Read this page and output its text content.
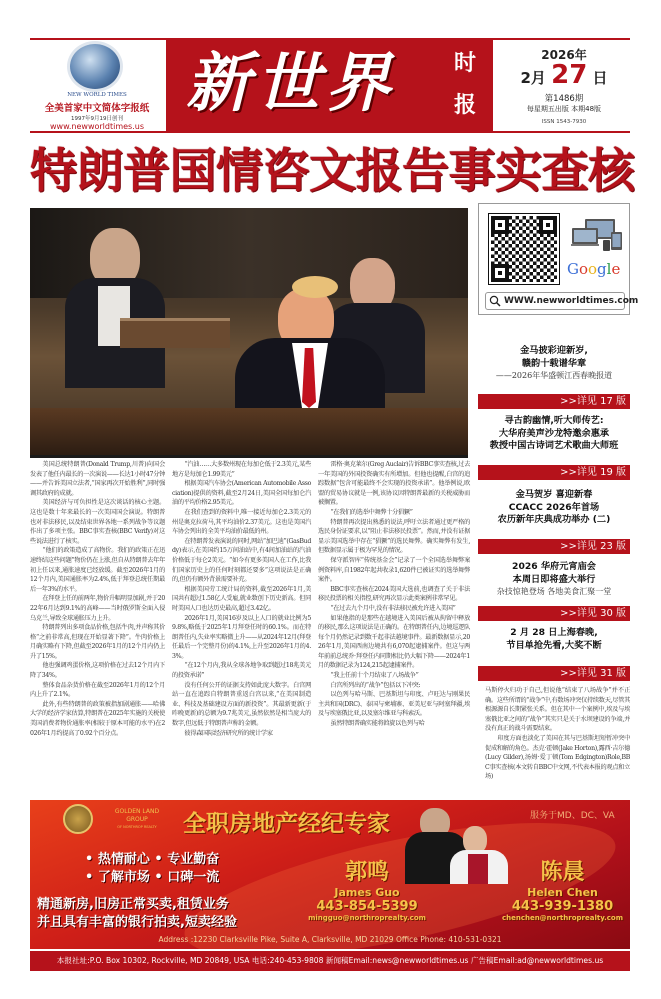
NEW WORLD TIMES
全美首家中文简体字报纸
1997年9月19日创刊
www.newworldtimes.us
新世界	时
报
2026年
2月 27 日
第1486期
每星期五出版 本期48版
ISSN 1543-7930
特朗普国情咨文报告事实查核
Google
WWW.newworldtimes.com
金马披彩迎新岁,
赣韵十载谱华章
——2026年华盛顿江西春晚报道
>>详见 17 版
寻古韵幽情,听大师传艺:
大华府美声沙龙特邀余惠承
教授中国古诗词艺术歌曲大师班
>>详见 19 版
金马贺岁 喜迎新春
CCACC 2026年首场
农历新年庆典成功举办 (二)
>>详见 23 版
2026 华府元宵庙会
本周日即将盛大举行
杂技惊艳登场 各地美食汇聚一堂
>>详见 30 版
2 月 28 日上海春晚,
节目单抢先看,大奖不断
>>详见 31 版

美国总统特朗普(Donald Trump,川普)向国会发表了他任内最长的一次演说——长达1小时47分钟——并告诉美国立法者,“国家再次开始胜利”,同时强调其政府的成就。

美国经济与可负担性是这次谈话的核心主题。这也是数十年来最长的一次美国国会演说。特朗普也对非法移民,以及结束世界各地一系列战争等议题作出了多项主张。BBC事实查核(BBC Verify)对这些说法进行了核实。

“他们的政策造成了高物价。我们的政策正在迅速终结这些问题”物价仍在上涨,但自从特朗普去年年初上任以来,通胀速度已经放缓。截至2026年1月的12个月内,美国通胀率为2.4%,低于拜登总统任期最后一年3%的水平。

在拜登上任的前两年,物价升幅明显加剧,并于2022年6月达到9.1%的高峰——当时俄罗斯全面入侵乌克兰,导致全球通胀压力上升。

特朗普列出多项食品价格,包括牛肉,并声称其价格“之前非常高,但现在开始显著下降”。牛肉价格上月确实略有下降,但截至2026年1月的12个月内仍上升了15%。

他也强调鸡蛋价格,这项价格在过去12个月内下降了34%。

整体食品杂货价格在截至2026年1月的12个月内上升了2.1%。

此外,有些特朗普的政策被指加剧通胀——哈佛大学的经济学家估算,特朗普在2025年实施的关税使美国消费者物价通胀率(相较于原本可能的水平)在2026年1月约提高了0.92个百分点。

“汽油……大多数州现在每加仑低于2.3美元,某些地方是每加仑1.99美元”

根据美国汽车协会(American Automobile Association)提供的资料,截至2月24日,美国全国每加仑汽油的平均价格2.95美元。

在我们查到的资料中,唯一接近每加仑2.3美元的州是奥克拉荷马,其平均油价2.37美元。这也是美国汽车协会列出的全美平均油价最低的州。

在特朗普发表演说的同时,网站“加巴迪”(GasBuddy)表示,在美国约15万间油站中,有4间加油站的汽油价格低于每仑2美元。“如今有更多美国人在工作,比我们国家历史上的任何时刻都还要多”这项说法是正确的,但仍有额外背景需要补充。

根据美国劳工统计局的资料,截至2026年1月,美国共有超过1.58亿人受雇,就业数创下历史新高。但同时美国人口也达历史最高,超过3.42亿。

2026年1月,美国16岁及以上人口的就业比例为59.8%,略低于2025年1月拜登任时的60.1%。而在特朗普任内,失业率实略微上升——从2024年12月(拜登任最后一个完整月份)的4.1%,上升至2026年1月的4.3%。

“在12个月内,我从全球各地争取到超过18兆美元的投资承诺”

没有任何公开的证据支持如此庞大数字。白宫网站一直在追踪自特朗普重返白宫以来,“在美国制造业、科技及基础建设方面的新投资”。其最新更新(于昨晚更新)的总额为9.7兆美元,虽然依然是相当庞大的数字,但远低于特朗普声称的金额。

彼得森国际经济研究所的统计学家

雷格·奥克莱尔(Greg Auclair)告诉BBC事实查核,过去一年美国的外国投资确实有所增加。但他也提醒,白宫的追踪数据“包含可能最终不会实现的投资承诺”。他举例说,欧盟的贸易协议就是一例,该协议因特朗普最新的关税威胁而被搁置。

“在我们的选举中舞弊十分猖獗”

特朗普再次提出熟悉的说法,呼吁立法者通过更严格的选民身份证要求,以“阻止非法移民投票”。然而,并没有证据显示美国选举中存在“猖獗”的选民舞弊。确实舞弊有发生,但数据显示属于极为罕见的情况。

保守派智库“传统基金会”记录了一个全国选举舞弊案例资料库,自1982年起共收录1,620件已被证实的选举舞弊案件。

BBC事实查核在2024美国大选前,也调查了关于非法移民投票的相关指控,研究再次显示此类案例非常罕见。

“在过去九个月中,没有非法移民被允许进入美国”

如果他指的是那些在越境进入美国后被从拘留中释放的移民,那么这项说法是正确的。在特朗普任内,边境巡逻队每个月仍然记录到数千起非法越境事件。最新数据显示,2026年1月,美国西南边境共有6,070起逮捕案件。但这与两年前前总统乔·拜登任内同期相比仍大幅下降——2024年1月的数据记录为124,215起逮捕案件。

“我上任前十个月结束了八场战争”

白宫所列出的“战争”包括以下冲突:

以色列与哈马斯、巴基斯坦与印度、卢旺达与刚果民主共和国(DRC)、泰国与柬埔寨、亚美尼亚与阿塞拜疆,埃及与埃塞俄比亚,以及塞尔维亚与科索沃。

虽然特朗普确实能将斡旋以色列与哈

马斯停火归功于自己,但说他“结束了八场战争”并不正确。这些所谓的“战争”中,有数场冲突仅持续数天,尽管其根源源自长期紧张关系。但在其中一个案例中,埃及与埃塞俄比亚之间的“战争”其实只是关于水坝建设的争端,并没有真正的战斗需要结束。

印度方面也淡化了美国在其与巴基斯坦短暂冲突中促成和解的角色。杰克·霍顿(Jake Horton),露西·吉尔德(Lucy Gilder),汤姆·爱丁顿(Tom Edgington)Role,BBC事实查核(本文转自BBC中文网,不代表本报的观点和立场)

GOLDEN LAND
GROUP
OF NORTHROP REALTY	全职房地产经纪专家	服务于MD、DC、VA
• 热情耐心 • 专业勤奋
• 了解市场 • 口碑一流
精通新房,旧房正常买卖,租赁业务
并且具有丰富的银行拍卖,短卖经验
郭鸣
James Guo
443-854-5399
mingguo@northroprealty.com
陈晨
Helen Chen
443-939-1380
chenchen@northroprealty.com
Address :12230 Clarksville Pike, Suite A, Clarksville, MD 21029 Office Phone: 410-531-0321
本报社址:P.O. Box 10302, Rockville, MD 20849, USA 电话:240-453-9808 新闻稿Email:news@newworldtimes.us 广告稿Email:ad@newworldtimes.us
